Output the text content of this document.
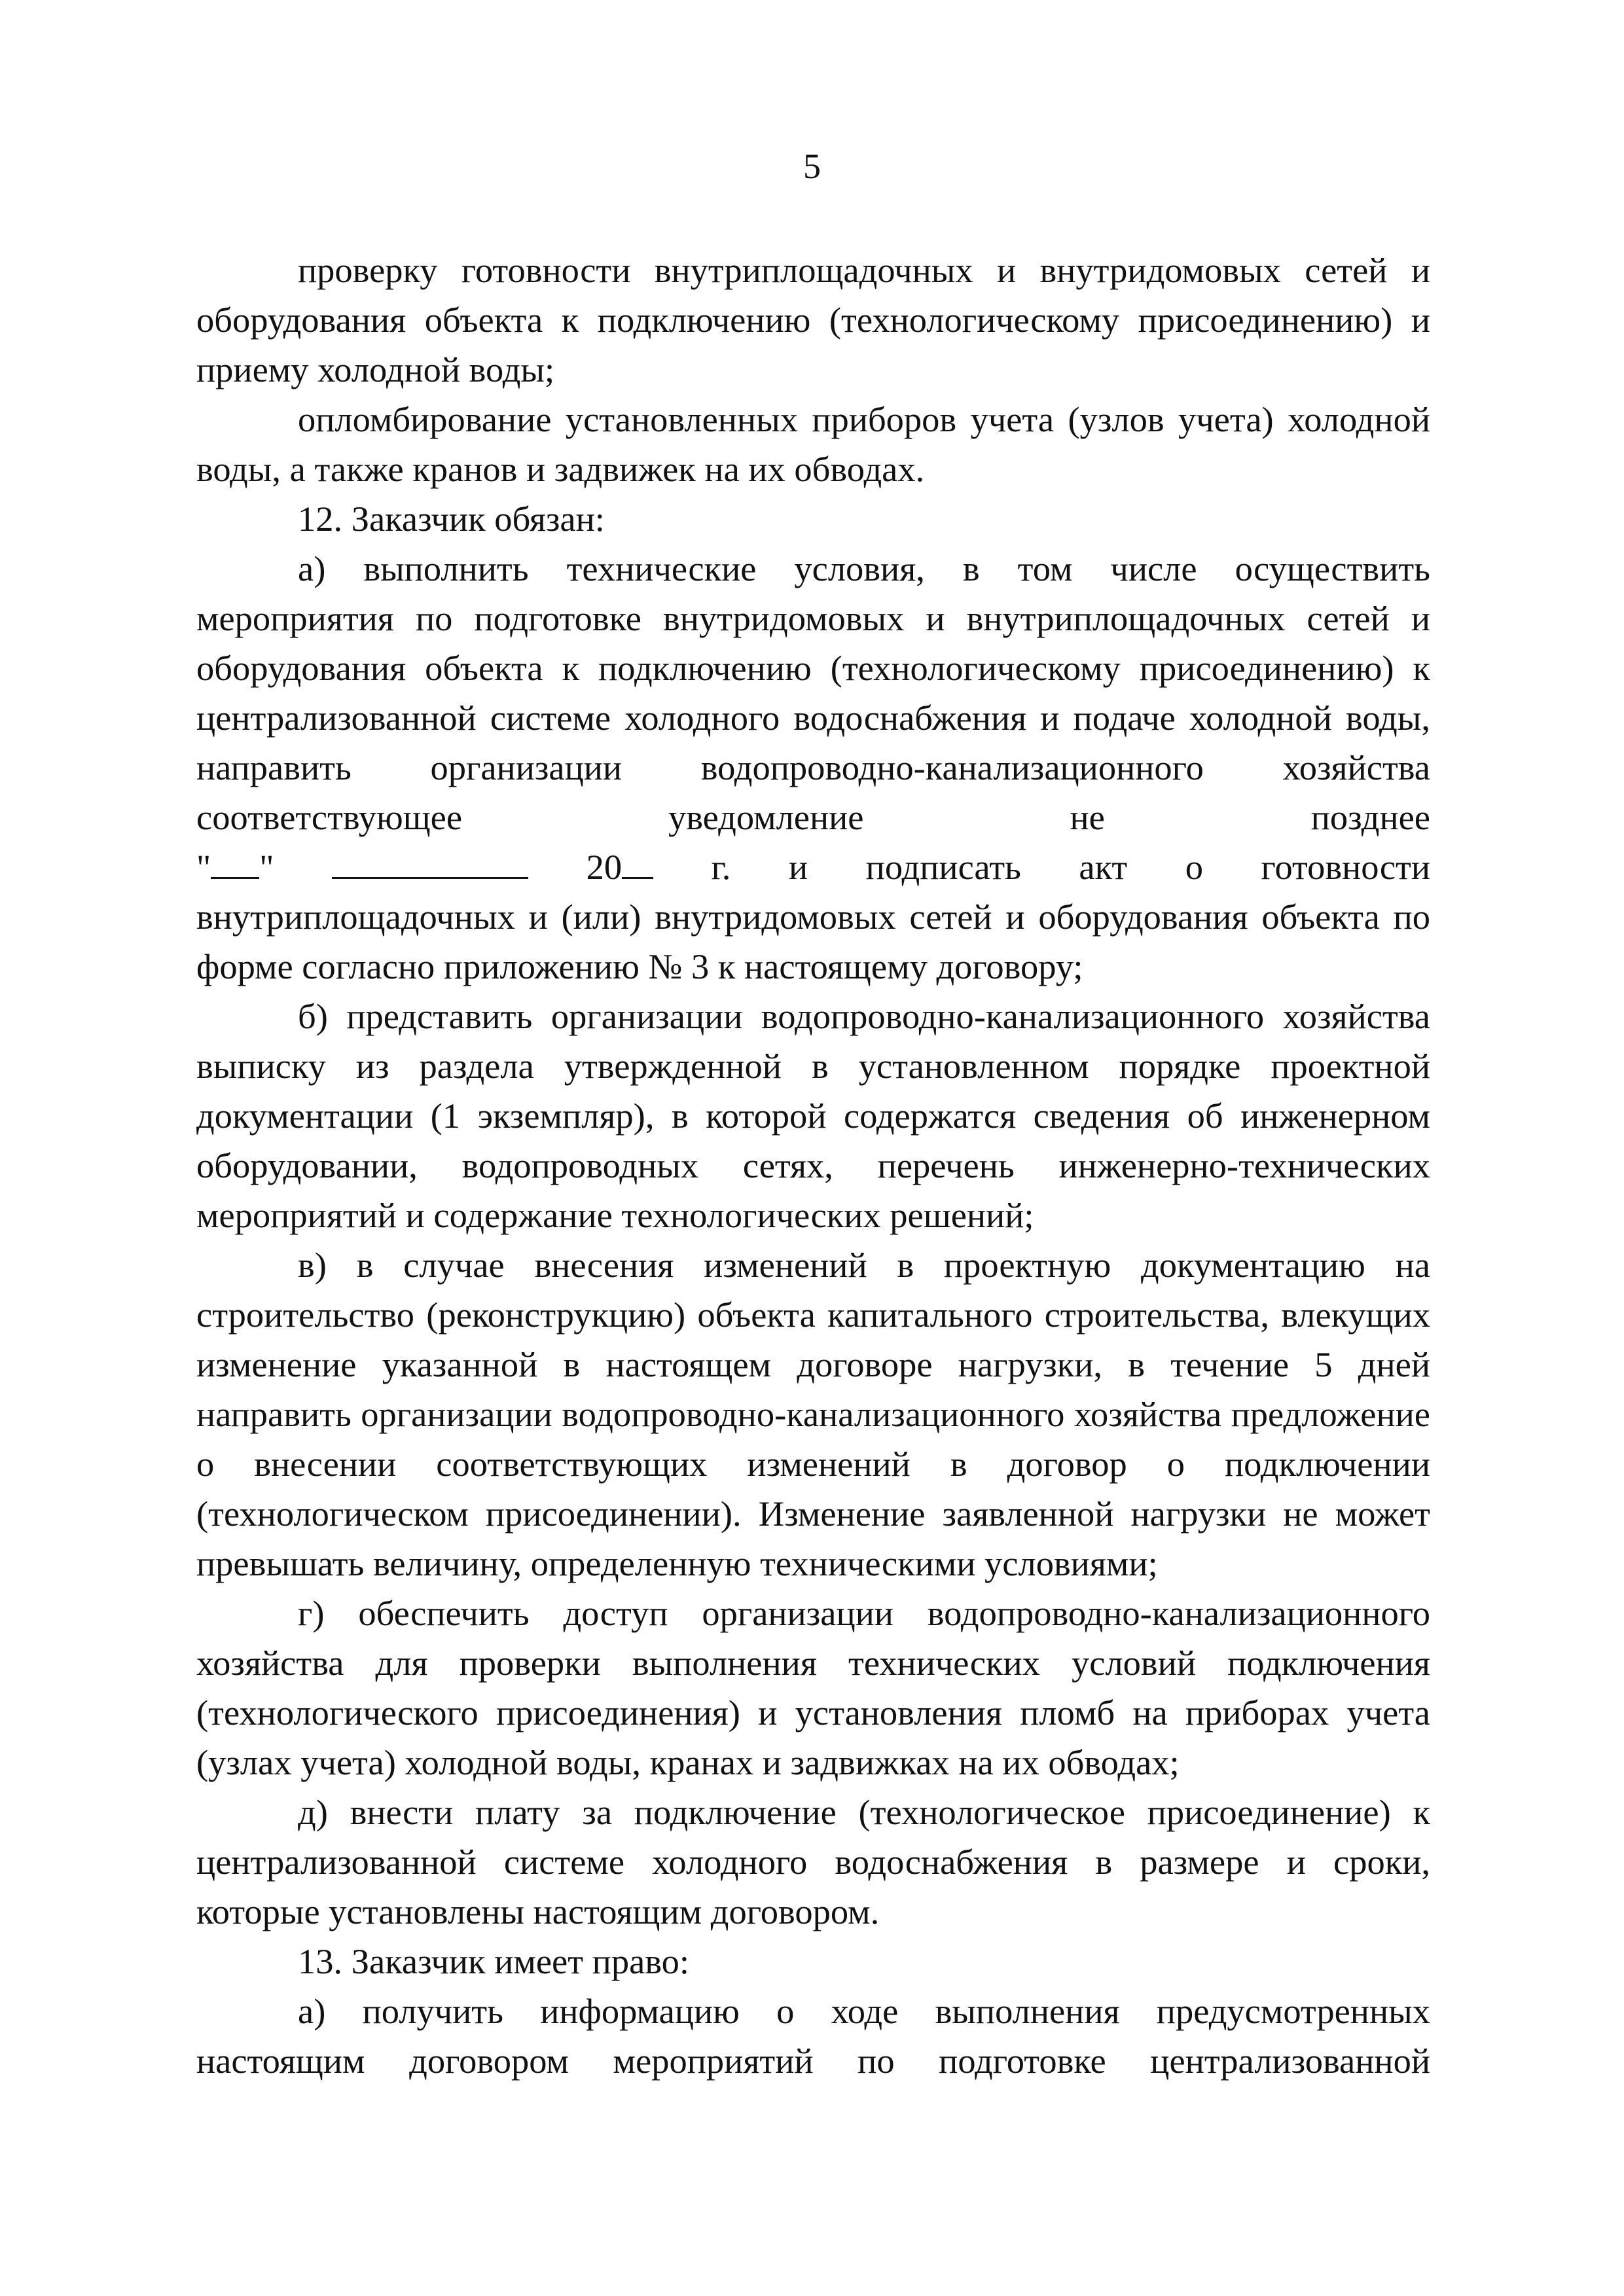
5

проверку готовности внутриплощадочных и внутридомовых сетей и оборудования объекта к подключению (технологическому присоединению) и приему холодной воды;

опломбирование установленных приборов учета (узлов учета) холодной воды, а также кранов и задвижек на их обводах.

12. Заказчик обязан:

а) выполнить технические условия, в том числе осуществить мероприятия по подготовке внутридомовых и внутриплощадочных сетей и оборудования объекта к подключению (технологическому присоединению) к централизованной системе холодного водоснабжения и подаче холодной воды, направить организации водопроводно-канализационного хозяйства соответствующее уведомление не позднее

" "	20	г. и подписать акт о готовности

внутриплощадочных и (или) внутридомовых сетей и оборудования объекта по форме согласно приложению № 3 к настоящему договору;

б) представить организации водопроводно-канализационного хозяйства выписку из раздела утвержденной в установленном порядке проектной документации (1 экземпляр), в которой содержатся сведения об инженерном оборудовании, водопроводных сетях, перечень инженерно-технических мероприятий и содержание технологических решений;

в) в случае внесения изменений в проектную документацию на строительство (реконструкцию) объекта капитального строительства, влекущих изменение указанной в настоящем договоре нагрузки, в течение 5 дней направить организации водопроводно-канализационного хозяйства предложение о внесении соответствующих изменений в договор о подключении (технологическом присоединении). Изменение заявленной нагрузки не может превышать величину, определенную техническими условиями;

г) обеспечить доступ организации водопроводно-канализационного хозяйства для проверки выполнения технических условий подключения (технологического присоединения) и установления пломб на приборах учета (узлах учета) холодной воды, кранах и задвижках на их обводах;

д) внести плату за подключение (технологическое присоединение) к централизованной системе холодного водоснабжения в размере и сроки, которые установлены настоящим договором.

13. Заказчик имеет право:

а) получить информацию о ходе выполнения предусмотренных настоящим договором мероприятий по подготовке централизованной
